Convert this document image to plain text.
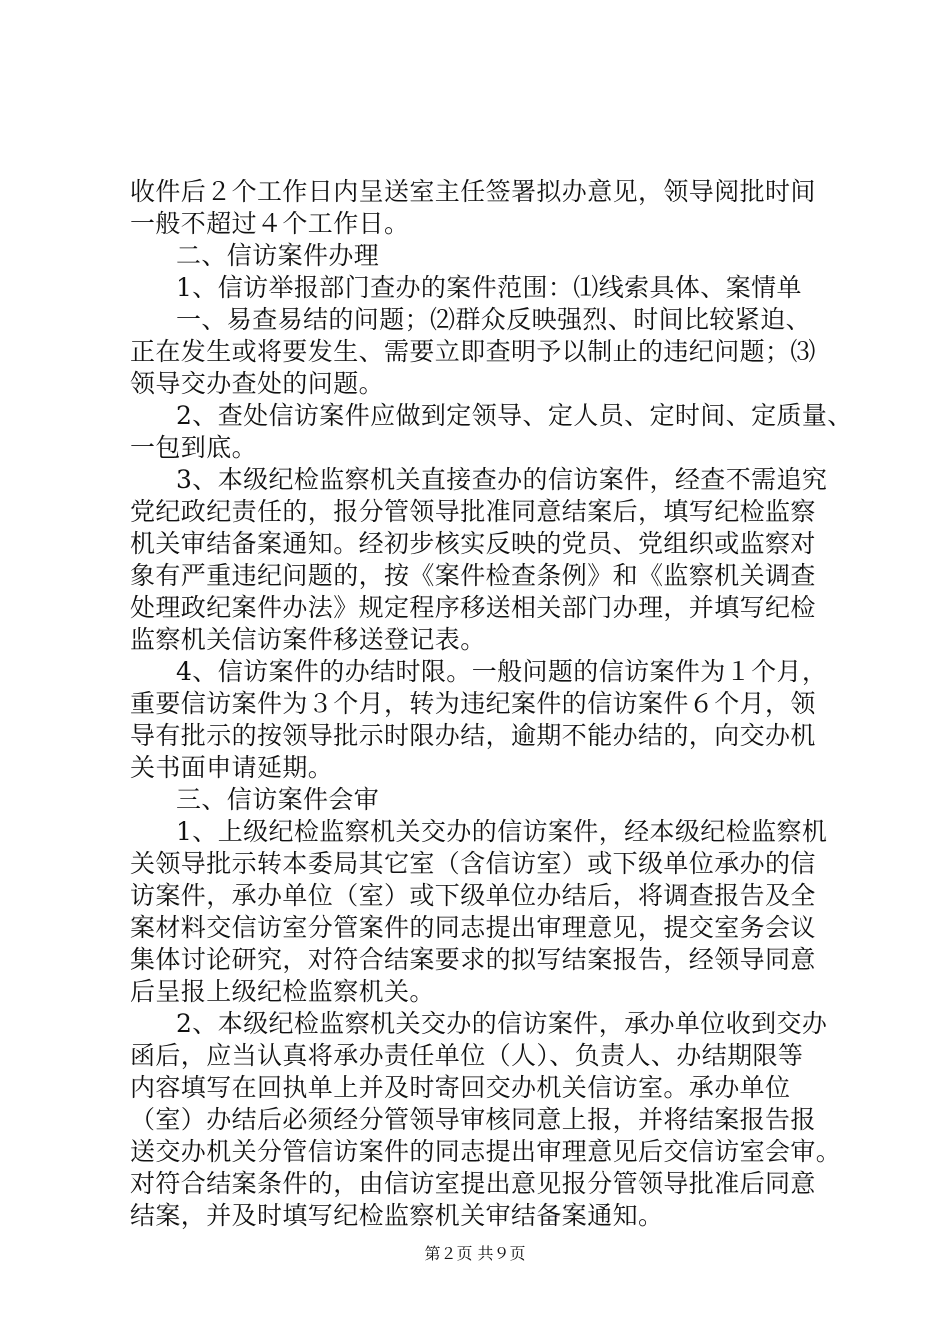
收件后２个工作日内呈送室主任签署拟办意见，领导阅批时间
一般不超过４个工作日。
二、信访案件办理
1、信访举报部门查办的案件范围：⑴线索具体、案情单
一、易查易结的问题；⑵群众反映强烈、时间比较紧迫、
正在发生或将要发生、需要立即查明予以制止的违纪问题；⑶
领导交办查处的问题。
2、查处信访案件应做到定领导、定人员、定时间、定质量、
一包到底。
3、本级纪检监察机关直接查办的信访案件，经查不需追究
党纪政纪责任的，报分管领导批准同意结案后，填写纪检监察
机关审结备案通知。经初步核实反映的党员、党组织或监察对
象有严重违纪问题的，按《案件检查条例》和《监察机关调查
处理政纪案件办法》规定程序移送相关部门办理，并填写纪检
监察机关信访案件移送登记表。
4、信访案件的办结时限。一般问题的信访案件为１个月，
重要信访案件为３个月，转为违纪案件的信访案件６个月，领
导有批示的按领导批示时限办结，逾期不能办结的，向交办机
关书面申请延期。
三、信访案件会审
1、上级纪检监察机关交办的信访案件，经本级纪检监察机
关领导批示转本委局其它室（含信访室）或下级单位承办的信
访案件，承办单位（室）或下级单位办结后，将调查报告及全
案材料交信访室分管案件的同志提出审理意见，提交室务会议
集体讨论研究，对符合结案要求的拟写结案报告，经领导同意
后呈报上级纪检监察机关。
2、本级纪检监察机关交办的信访案件，承办单位收到交办
函后，应当认真将承办责任单位（人）、负责人、办结期限等
内容填写在回执单上并及时寄回交办机关信访室。承办单位
（室）办结后必须经分管领导审核同意上报，并将结案报告报
送交办机关分管信访案件的同志提出审理意见后交信访室会审。
对符合结案条件的，由信访室提出意见报分管领导批准后同意
结案，并及时填写纪检监察机关审结备案通知。
第２页 共９页
